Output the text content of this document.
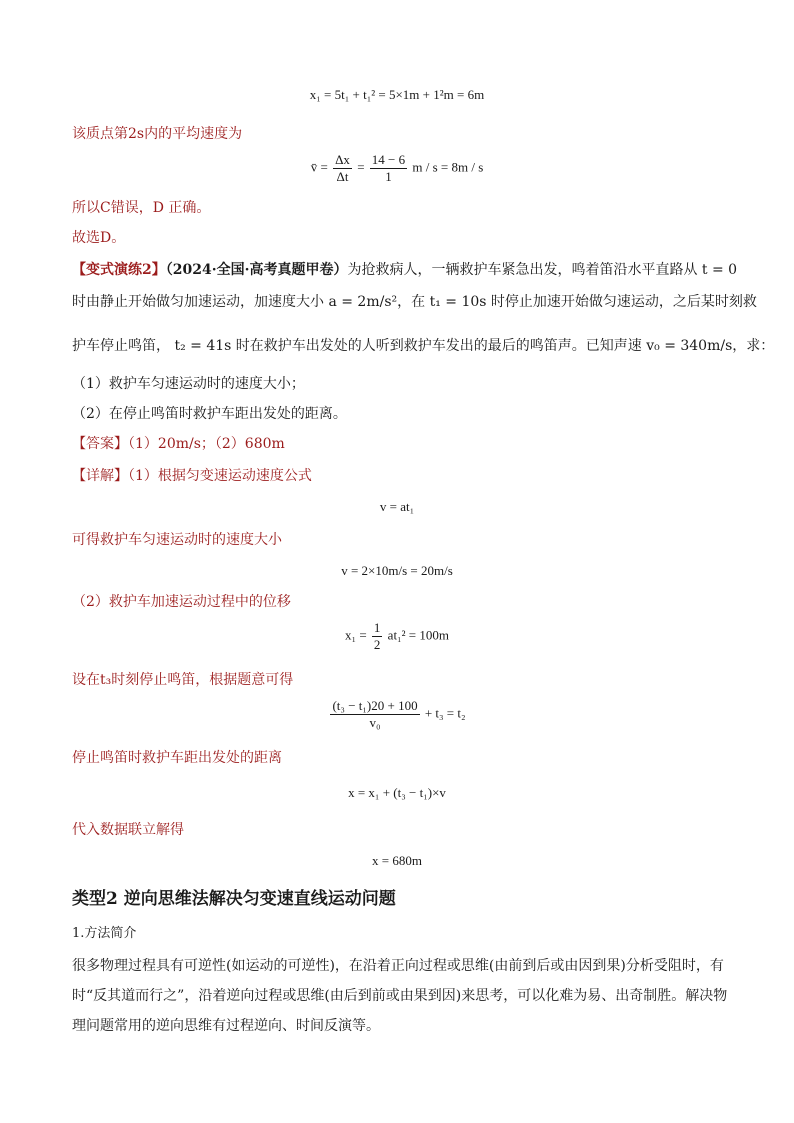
x₁ = 5t₁ + t₁² = 5×1m + 1²m = 6m
该质点第2s内的平均速度为
v̄ = $\frac{\Delta x}{\Delta t} = \frac{14 - 6}{1}$ m / s = 8m / s
所以C错误，D 正确。
故选D。
【变式演练2】（2024·全国·高考真题甲卷）为抢救病人，一辆救护车紧急出发，鸣着笛沿水平直路从 t = 0
时由静止开始做匀加速运动，加速度大小 a = 2m/s²，在 t₁ = 10s 时停止加速开始做匀速运动，之后某时刻救
护车停止鸣笛， t₂ = 41s 时在救护车出发处的人听到救护车发出的最后的鸣笛声。已知声速 v₀ = 340m/s，求：
（1）救护车匀速运动时的速度大小；
（2）在停止鸣笛时救护车距出发处的距离。
【答案】（1）20m/s；（2）680m
【详解】（1）根据匀变速运动速度公式
v = at₁
可得救护车匀速运动时的速度大小
v = 2×10m/s = 20m/s
（2）救护车加速运动过程中的位移
$x_1 = \frac{1}{2} at_1^2 = 100m$
设在t₃时刻停止鸣笛，根据题意可得
$\frac{\text{(t₃ − t₁)20 + 100}}{\text{v₀}} + t_3 = t_2$
停止鸣笛时救护车距出发处的距离
x = x₁ + (t₃ − t₁)×v
代入数据联立解得
x = 680m
类型2 逆向思维法解决匀变速直线运动问题
1.方法简介
很多物理过程具有可逆性(如运动的可逆性)，在沿着正向过程或思维(由前到后或由因到果)分析受阻时，有
时“反其道而行之”，沿着逆向过程或思维(由后到前或由果到因)来思考，可以化难为易、出奇制胜。解决物
理问题常用的逆向思维有过程逆向、时间反演等。
